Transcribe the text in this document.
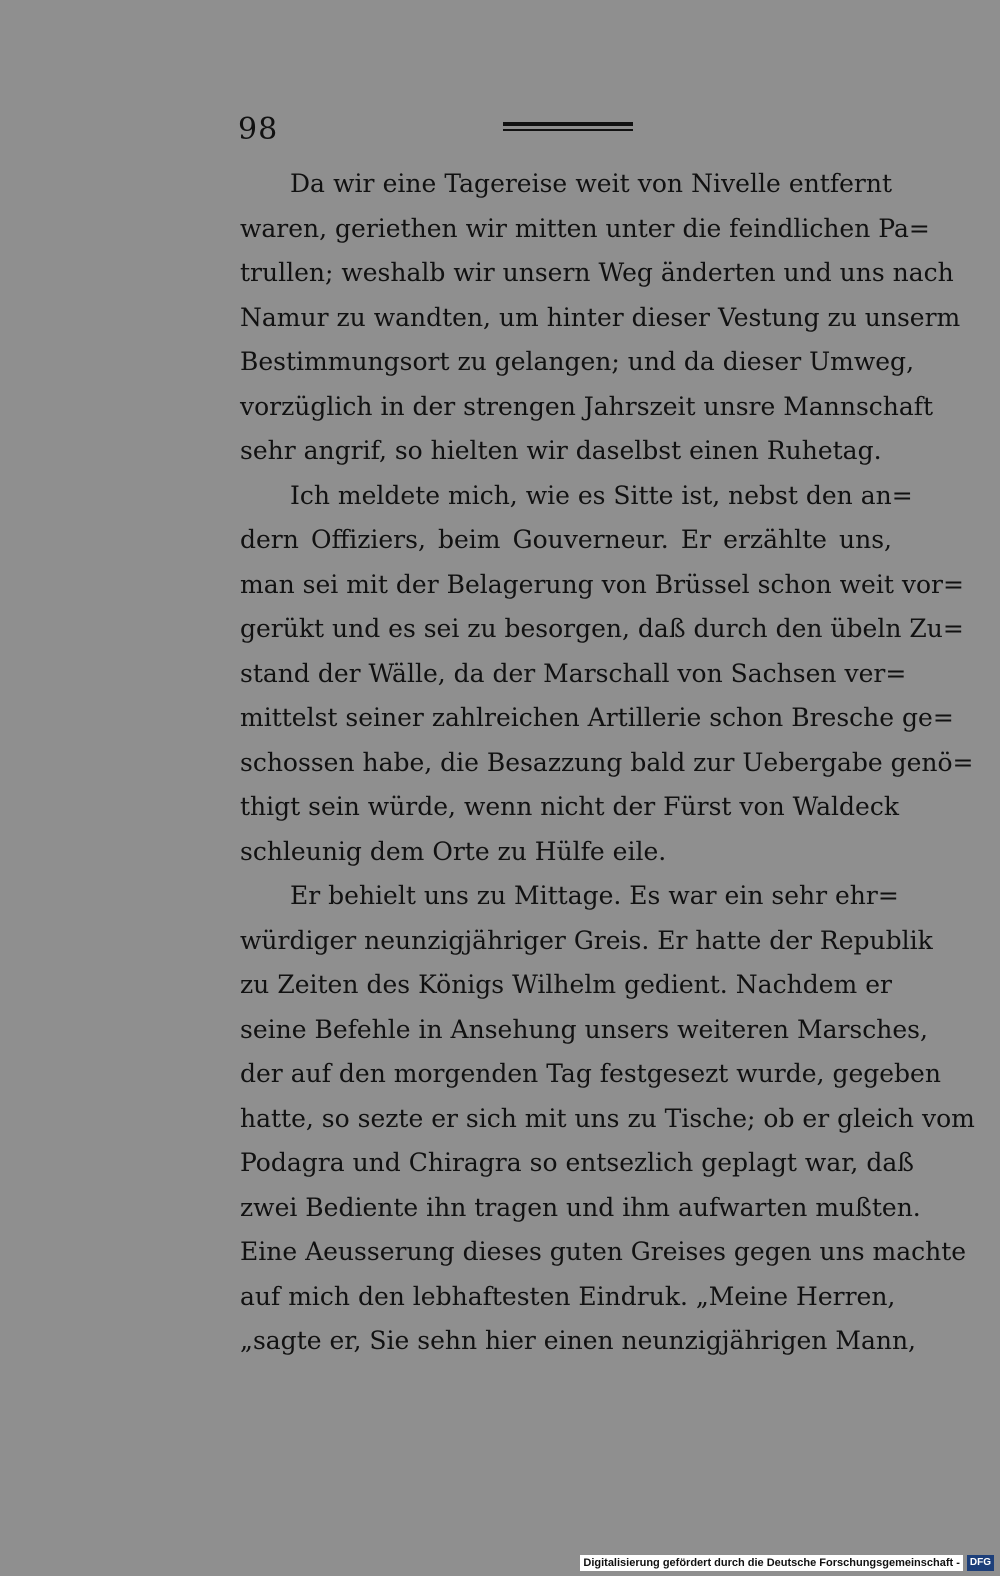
98
Da wir eine Tagereise weit von Nivelle entfernt
waren, geriethen wir mitten unter die feindlichen Pa=
trullen; weshalb wir unsern Weg änderten und uns nach
Namur zu wandten, um hinter dieser Vestung zu unserm
Bestimmungsort zu gelangen; und da dieser Umweg,
vorzüglich in der strengen Jahrszeit unsre Mannschaft
sehr angrif, so hielten wir daselbst einen Ruhetag.
Ich meldete mich, wie es Sitte ist, nebst den an=
dern Offiziers, beim Gouverneur. Er erzählte uns,
man sei mit der Belagerung von Brüssel schon weit vor=
gerükt und es sei zu besorgen, daß durch den übeln Zu=
stand der Wälle, da der Marschall von Sachsen ver=
mittelst seiner zahlreichen Artillerie schon Bresche ge=
schossen habe, die Besazzung bald zur Uebergabe genö=
thigt sein würde, wenn nicht der Fürst von Waldeck
schleunig dem Orte zu Hülfe eile.
Er behielt uns zu Mittage. Es war ein sehr ehr=
würdiger neunzigjähriger Greis. Er hatte der Republik
zu Zeiten des Königs Wilhelm gedient. Nachdem er
seine Befehle in Ansehung unsers weiteren Marsches,
der auf den morgenden Tag festgesezt wurde, gegeben
hatte, so sezte er sich mit uns zu Tische; ob er gleich vom
Podagra und Chiragra so entsezlich geplagt war, daß
zwei Bediente ihn tragen und ihm aufwarten mußten.
Eine Aeusserung dieses guten Greises gegen uns machte
auf mich den lebhaftesten Eindruk. „Meine Herren,
„sagte er, Sie sehn hier einen neunzigjährigen Mann,
Digitalisierung gefördert durch die Deutsche Forschungsgemeinschaft -	DFG
